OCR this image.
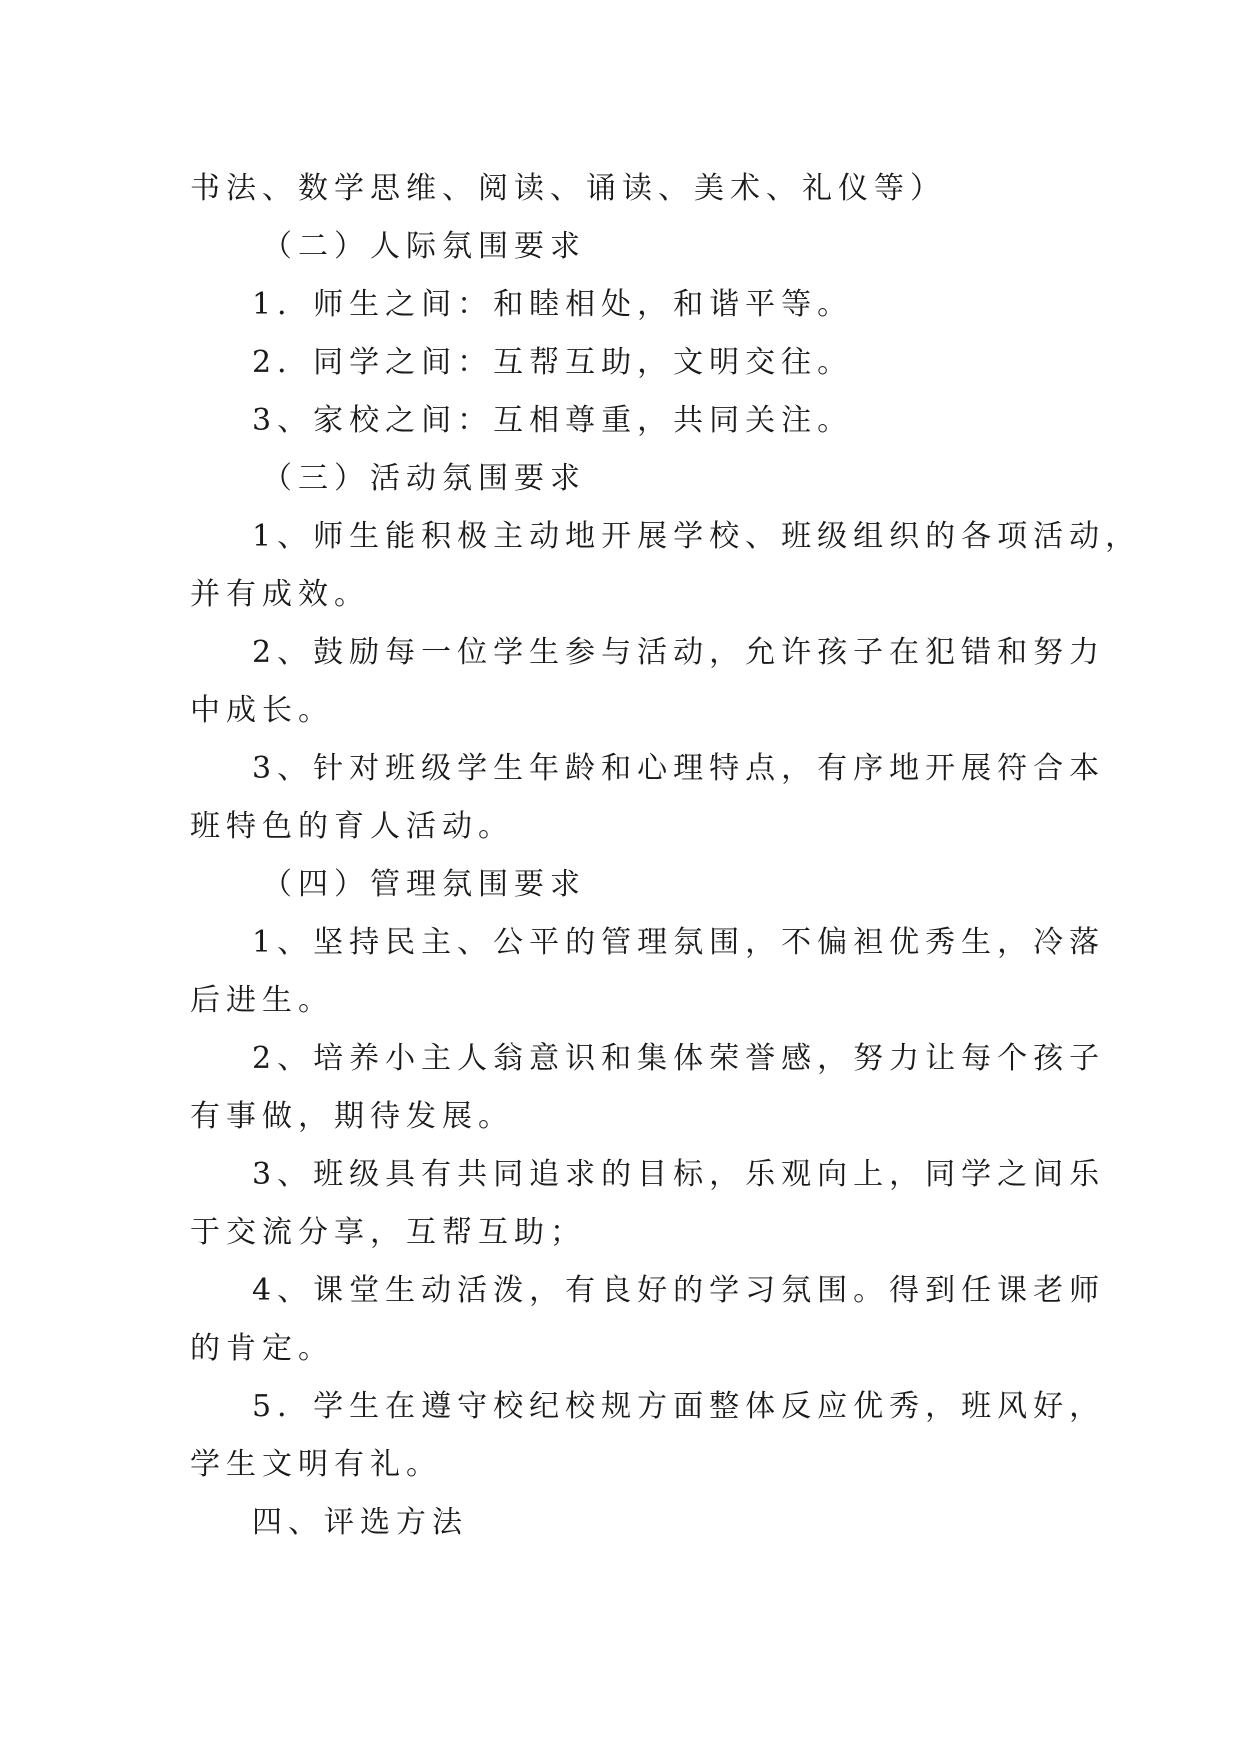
书法、数学思维、阅读、诵读、美术、礼仪等）
（二）人际氛围要求
1．师生之间：和睦相处，和谐平等。
2．同学之间：互帮互助，文明交往。
3、家校之间：互相尊重，共同关注。
（三）活动氛围要求
1、师生能积极主动地开展学校、班级组织的各项活动，
并有成效。
2、鼓励每一位学生参与活动，允许孩子在犯错和努力
中成长。
3、针对班级学生年龄和心理特点，有序地开展符合本
班特色的育人活动。
（四）管理氛围要求
1、坚持民主、公平的管理氛围，不偏袒优秀生，冷落
后进生。
2、培养小主人翁意识和集体荣誉感，努力让每个孩子
有事做，期待发展。
3、班级具有共同追求的目标，乐观向上，同学之间乐
于交流分享，互帮互助；
4、课堂生动活泼，有良好的学习氛围。得到任课老师
的肯定。
5．学生在遵守校纪校规方面整体反应优秀，班风好，
学生文明有礼。
四、评选方法
